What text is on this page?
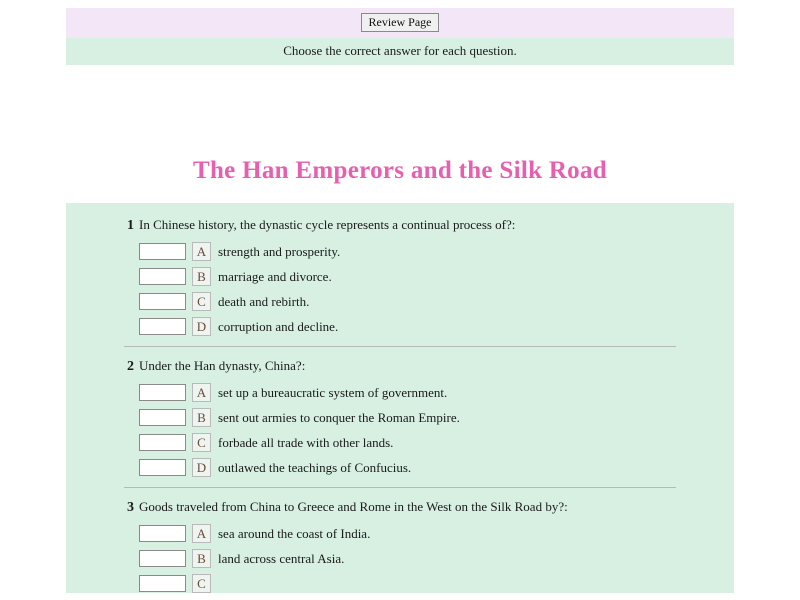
Review Page
Choose the correct answer for each question.
The Han Emperors and the Silk Road
1 In Chinese history, the dynastic cycle represents a continual process of?:
A strength and prosperity.
B marriage and divorce.
C death and rebirth.
D corruption and decline.
2 Under the Han dynasty, China?:
A set up a bureaucratic system of government.
B sent out armies to conquer the Roman Empire.
C forbade all trade with other lands.
D outlawed the teachings of Confucius.
3 Goods traveled from China to Greece and Rome in the West on the Silk Road by?:
A sea around the coast of India.
B land across central Asia.
C
